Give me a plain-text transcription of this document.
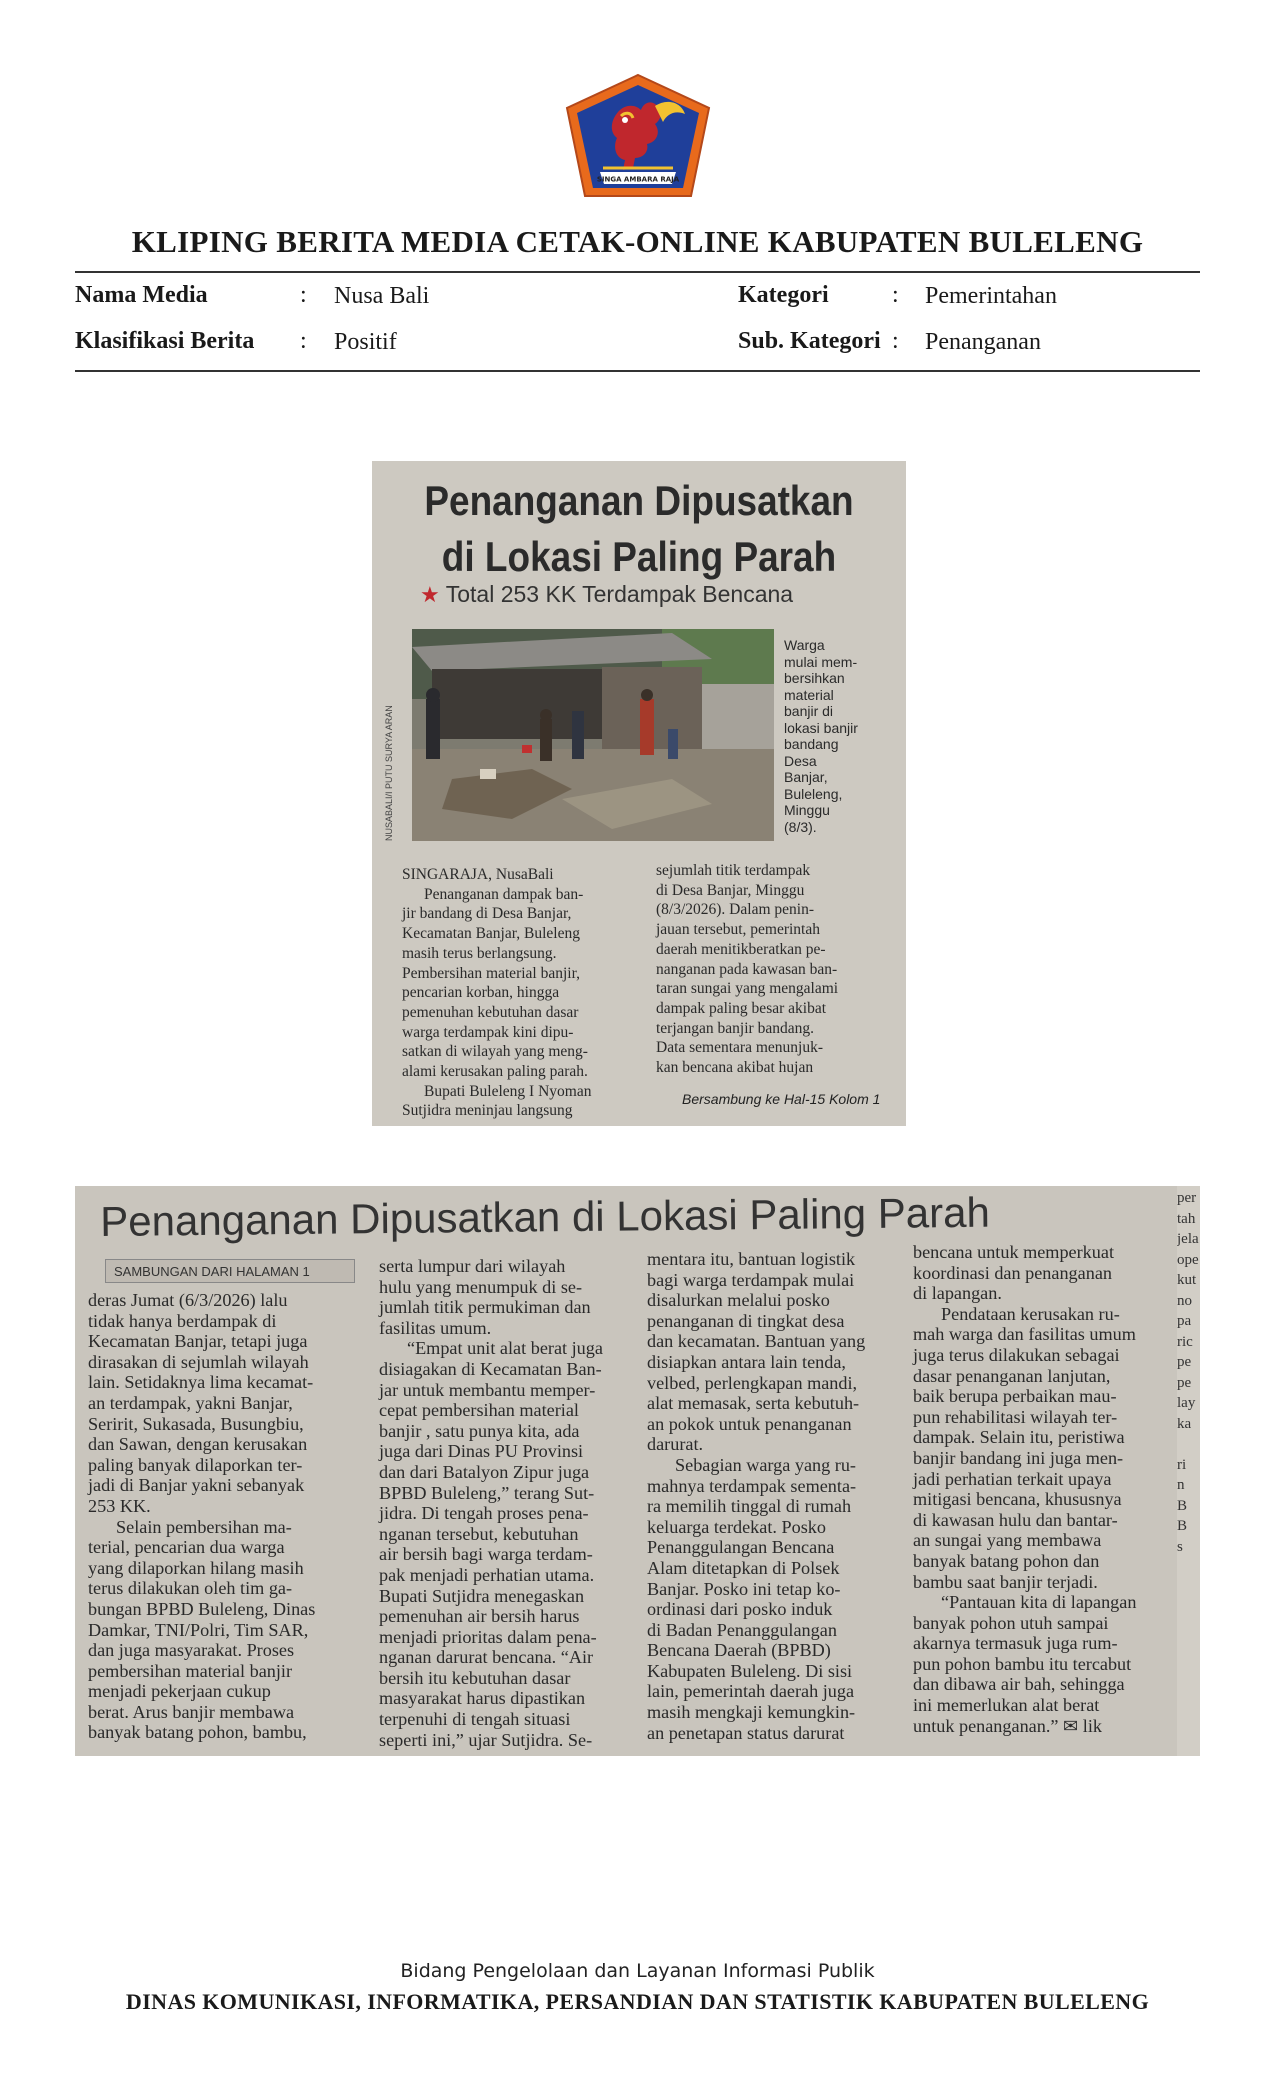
SINGA AMBARA RAJA
KLIPING BERITA MEDIA CETAK-ONLINE KABUPATEN BULELENG
Nama Media	: Nusa Bali	Kategori	: Pemerintahan
Klasifikasi Berita : Positif	Sub. Kategori : Penanganan
Penanganan Dipusatkan
di Lokasi Paling Parah
★ Total 253 KK Terdampak Bencana
NUSABALI/I PUTU SURYA ARAN
Warga
mulai mem-
bersihkan
material
banjir di
lokasi banjir
bandang
Desa
Banjar,
Buleleng,
Minggu
(8/3).

SINGARAJA, NusaBali

Penanganan dampak ban-

jir bandang di Desa Banjar,

Kecamatan Banjar, Buleleng

masih terus berlangsung.

Pembersihan material banjir,

pencarian korban, hingga

pemenuhan kebutuhan dasar

warga terdampak kini dipu-

satkan di wilayah yang meng-

alami kerusakan paling parah.

Bupati Buleleng I Nyoman

Sutjidra meninjau langsung

sejumlah titik terdampak

di Desa Banjar, Minggu

(8/3/2026). Dalam penin-

jauan tersebut, pemerintah

daerah menitikberatkan pe-

nanganan pada kawasan ban-

taran sungai yang mengalami

dampak paling besar akibat

terjangan banjir bandang.

Data sementara menunjuk-

kan bencana akibat hujan

Bersambung ke Hal-15 Kolom 1
Penanganan Dipusatkan di Lokasi Paling Parah
SAMBUNGAN DARI HALAMAN 1

deras Jumat (6/3/2026) lalu

tidak hanya berdampak di

Kecamatan Banjar, tetapi juga

dirasakan di sejumlah wilayah

lain. Setidaknya lima kecamat-

an terdampak, yakni Banjar,

Seririt, Sukasada, Busungbiu,

dan Sawan, dengan kerusakan

paling banyak dilaporkan ter-

jadi di Banjar yakni sebanyak

253 KK.

Selain pembersihan ma-

terial, pencarian dua warga

yang dilaporkan hilang masih

terus dilakukan oleh tim ga-

bungan BPBD Buleleng, Dinas

Damkar, TNI/Polri, Tim SAR,

dan juga masyarakat. Proses

pembersihan material banjir

menjadi pekerjaan cukup

berat. Arus banjir membawa

banyak batang pohon, bambu,

serta lumpur dari wilayah

hulu yang menumpuk di se-

jumlah titik permukiman dan

fasilitas umum.

“Empat unit alat berat juga

disiagakan di Kecamatan Ban-

jar untuk membantu memper-

cepat pembersihan material

banjir , satu punya kita, ada

juga dari Dinas PU Provinsi

dan dari Batalyon Zipur juga

BPBD Buleleng,” terang Sut-

jidra. Di tengah proses pena-

nganan tersebut, kebutuhan

air bersih bagi warga terdam-

pak menjadi perhatian utama.

Bupati Sutjidra menegaskan

pemenuhan air bersih harus

menjadi prioritas dalam pena-

nganan darurat bencana. “Air

bersih itu kebutuhan dasar

masyarakat harus dipastikan

terpenuhi di tengah situasi

seperti ini,” ujar Sutjidra. Se-

mentara itu, bantuan logistik

bagi warga terdampak mulai

disalurkan melalui posko

penanganan di tingkat desa

dan kecamatan. Bantuan yang

disiapkan antara lain tenda,

velbed, perlengkapan mandi,

alat memasak, serta kebutuh-

an pokok untuk penanganan

darurat.

Sebagian warga yang ru-

mahnya terdampak sementa-

ra memilih tinggal di rumah

keluarga terdekat. Posko

Penanggulangan Bencana

Alam ditetapkan di Polsek

Banjar. Posko ini tetap ko-

ordinasi dari posko induk

di Badan Penanggulangan

Bencana Daerah (BPBD)

Kabupaten Buleleng. Di sisi

lain, pemerintah daerah juga

masih mengkaji kemungkin-

an penetapan status darurat

bencana untuk memperkuat

koordinasi dan penanganan

di lapangan.

Pendataan kerusakan ru-

mah warga dan fasilitas umum

juga terus dilakukan sebagai

dasar penanganan lanjutan,

baik berupa perbaikan mau-

pun rehabilitasi wilayah ter-

dampak. Selain itu, peristiwa

banjir bandang ini juga men-

jadi perhatian terkait upaya

mitigasi bencana, khususnya

di kawasan hulu dan bantar-

an sungai yang membawa

banyak batang pohon dan

bambu saat banjir terjadi.

“Pantauan kita di lapangan

banyak pohon utuh sampai

akarnya termasuk juga rum-

pun pohon bambu itu tercabut

dan dibawa air bah, sehingga

ini memerlukan alat berat

untuk penanganan.” ✉ lik

per
tah
jela
ope
kut
no
pa
ric
pe
pe
lay
ka
ri
n
B
B
s
Bidang Pengelolaan dan Layanan Informasi Publik
DINAS KOMUNIKASI, INFORMATIKA, PERSANDIAN DAN STATISTIK KABUPATEN BULELENG
